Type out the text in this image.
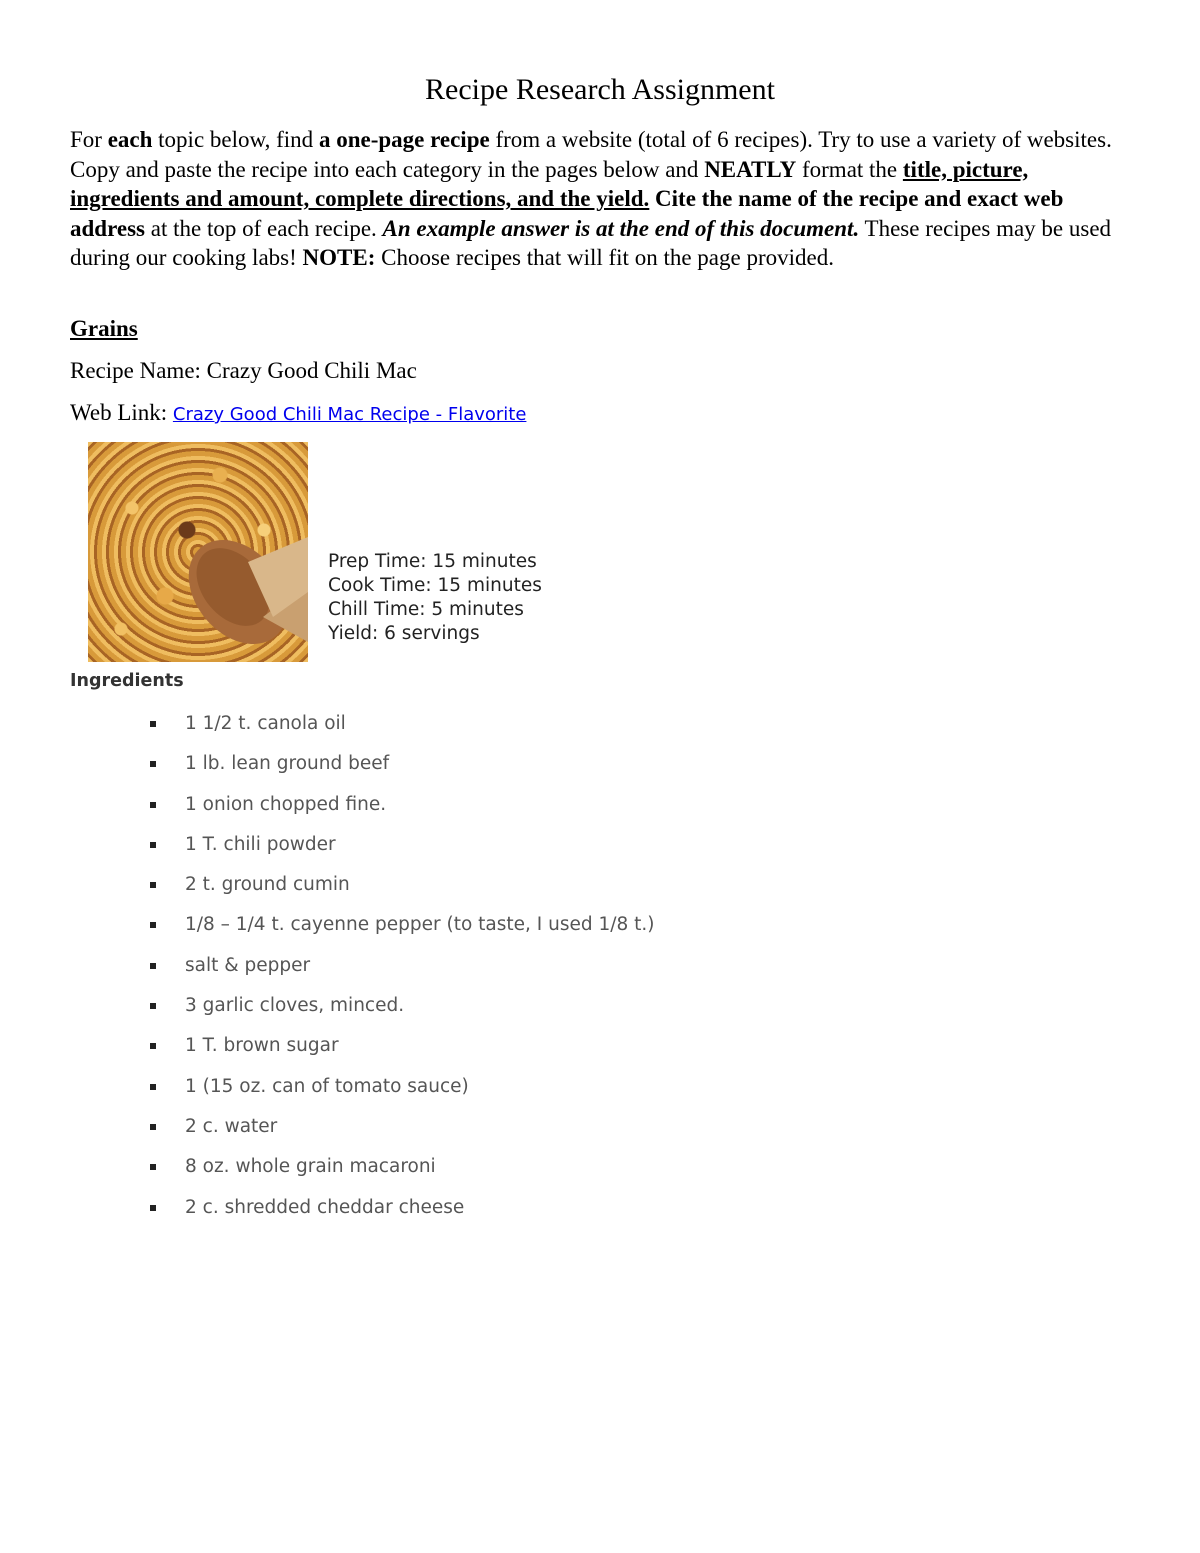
Recipe Research Assignment

For each topic below, find a one-page recipe from a website (total of 6 recipes). Try to use a variety of websites. Copy and paste the recipe into each category in the pages below and NEATLY format the title, picture, ingredients and amount, complete directions, and the yield. Cite the name of the recipe and exact web address at the top of each recipe. An example answer is at the end of this document. These recipes may be used during our cooking labs! NOTE: Choose recipes that will fit on the page provided.

Grains
Recipe Name: Crazy Good Chili Mac
Web Link: Crazy Good Chili Mac Recipe - Flavorite
Prep Time: 15 minutes
Cook Time: 15 minutes
Chill Time: 5 minutes
Yield: 6 servings
Ingredients
1 1/2 t. canola oil
1 lb. lean ground beef
1 onion chopped fine.
1 T. chili powder
2 t. ground cumin
1/8 – 1/4 t. cayenne pepper (to taste, I used 1/8 t.)
salt & pepper
3 garlic cloves, minced.
1 T. brown sugar
1 (15 oz. can of tomato sauce)
2 c. water
8 oz. whole grain macaroni
2 c. shredded cheddar cheese
